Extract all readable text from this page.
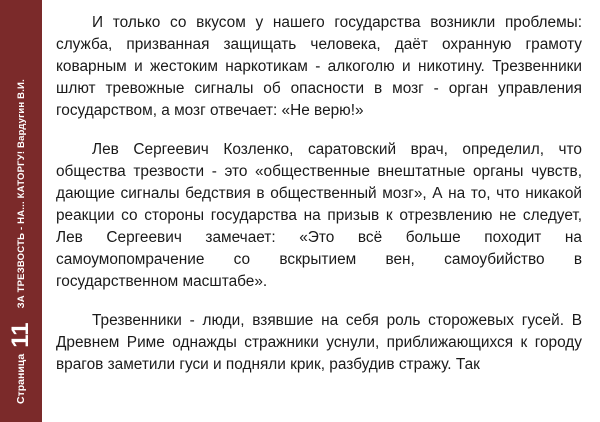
Страница
11
ЗА ТРЕЗВОСТЬ - НА... КАТОРГУ! Вардугин В.И.

И только со вкусом у нашего государства возникли проблемы: служба, призванная защищать человека, даёт охранную грамоту коварным и жестоким наркотикам - алкоголю и никотину. Трезвенники шлют тревожные сигналы об опасности в мозг - орган управления государством, а мозг отвечает: «Не верю!»

Лев Сергеевич Козленко, саратовский врач, определил, что общества трезвости - это «общественные внештатные органы чувств, дающие сигналы бедствия в общественный мозг», А на то, что никакой реакции со стороны государства на призыв к отрезвлению не следует, Лев Сергеевич замечает: «Это всё больше походит на самоумопомрачение со вскрытием вен, самоубийство в государственном масштабе».

Трезвенники - люди, взявшие на себя роль сторожевых гусей. В Древнем Риме однажды стражники уснули, приближающихся к городу врагов заметили гуси и подняли крик, разбудив стражу. Так
